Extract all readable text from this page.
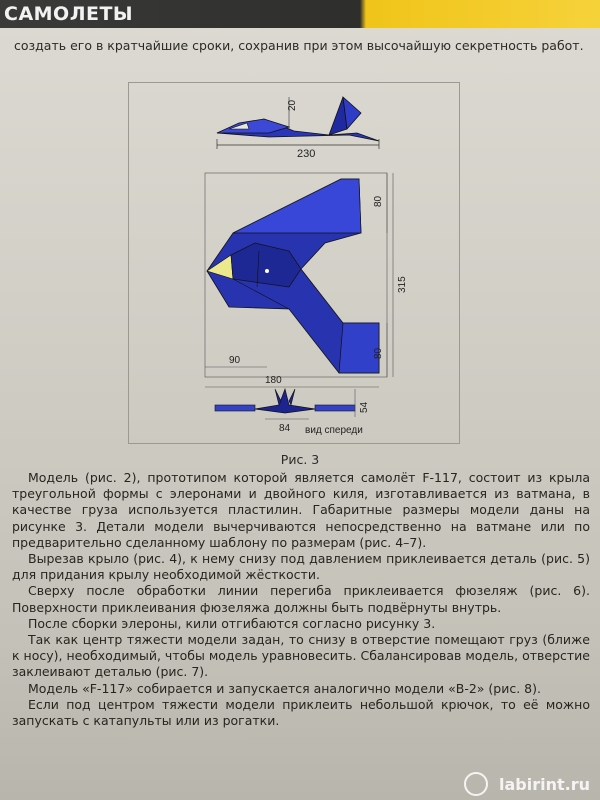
САМОЛЕТЫ
создать его в кратчайшие сроки, сохранив при этом высочайшую секретность работ.
230
20
80
315
80
90
180
54
84 вид спереди
Рис. 3

Модель (рис. 2), прототипом которой является самолёт F-117, состоит из крыла треугольной формы с элеронами и двойного киля, изготавливается из ватмана, в качестве груза используется пластилин. Габаритные размеры модели даны на рисунке 3. Детали модели вычерчиваются непосредственно на ватмане или по предварительно сделанному шаблону по размерам (рис. 4–7).

Вырезав крыло (рис. 4), к нему снизу под давлением приклеивается деталь (рис. 5) для придания крылу необходимой жёсткости.

Сверху после обработки линии перегиба приклеивается фюзеляж (рис. 6). Поверхности приклеивания фюзеляжа должны быть подвёрнуты внутрь.

После сборки элероны, кили отгибаются согласно рисунку 3.

Так как центр тяжести модели задан, то снизу в отверстие помещают груз (ближе к носу), необходимый, чтобы модель уравновесить. Сбалансировав модель, отверстие заклеивают деталью (рис. 7).

Модель «F-117» собирается и запускается аналогично модели «B-2» (рис. 8).

Если под центром тяжести модели приклеить небольшой крючок, то её можно запускать с катапульты или из рогатки.

labirint.ru
